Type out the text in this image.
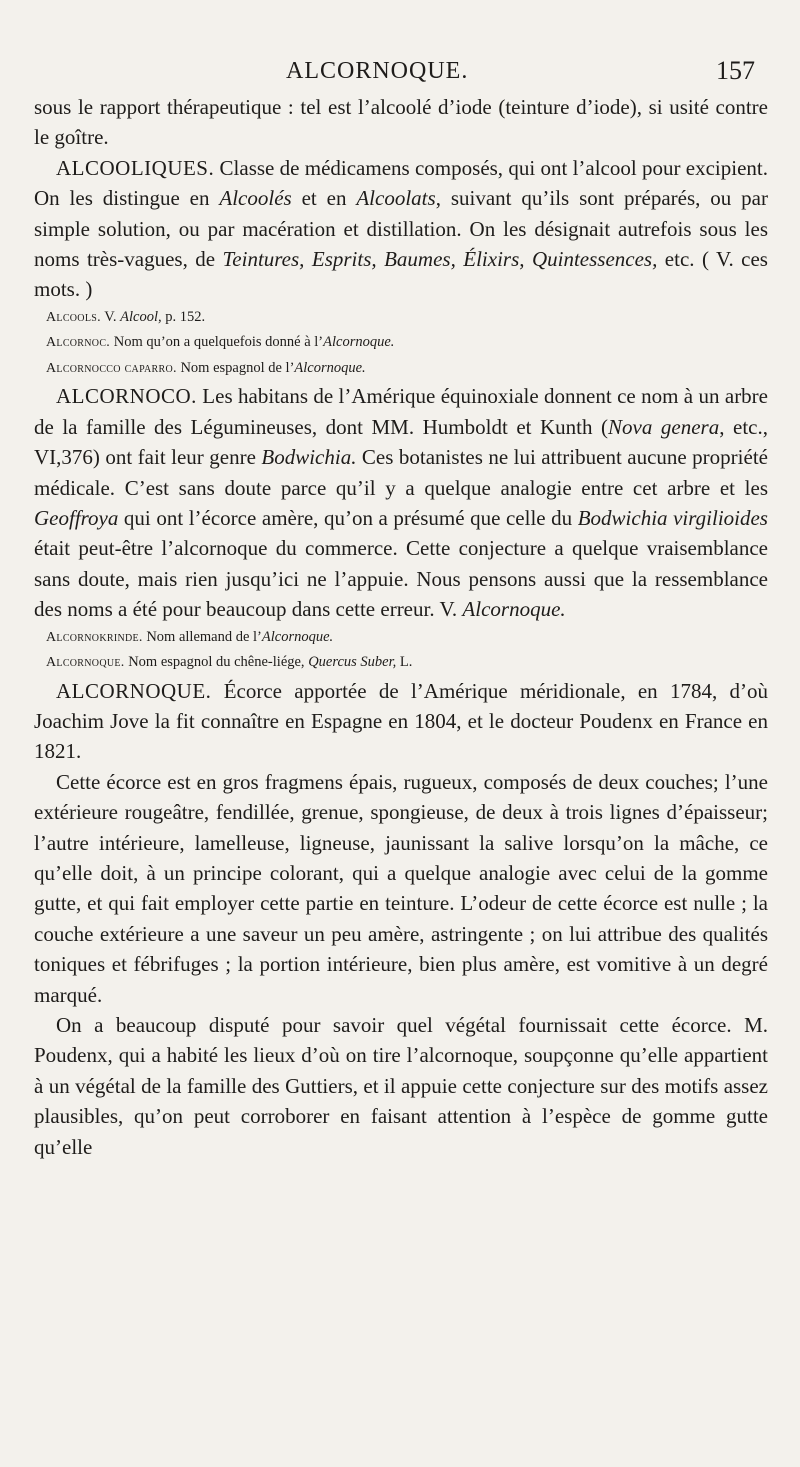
ALCORNOQUE.	157

sous le rapport thérapeutique : tel est l’alcoolé d’iode (teinture d’iode), si usité contre le goître.

ALCOOLIQUES. Classe de médicamens composés, qui ont l’alcool pour excipient. On les distingue en Alcoolés et en Alcoolats, suivant qu’ils sont préparés, ou par simple solution, ou par macération et distillation. On les désignait autrefois sous les noms très-vagues, de Teintures, Esprits, Baumes, Élixirs, Quintessences, etc. ( V. ces mots. )

Alcools. V. Alcool, p. 152.

Alcornoc. Nom qu’on a quelquefois donné à l’Alcornoque.

Alcornocco caparro. Nom espagnol de l’Alcornoque.

ALCORNOCO. Les habitans de l’Amérique équinoxiale donnent ce nom à un arbre de la famille des Légumineuses, dont MM. Humboldt et Kunth (Nova genera, etc., VI,376) ont fait leur genre Bodwichia. Ces botanistes ne lui attribuent aucune propriété médicale. C’est sans doute parce qu’il y a quelque analogie entre cet arbre et les Geoffroya qui ont l’écorce amère, qu’on a présumé que celle du Bodwichia virgilioides était peut-être l’alcornoque du commerce. Cette conjecture a quelque vraisemblance sans doute, mais rien jusqu’ici ne l’appuie. Nous pensons aussi que la ressemblance des noms a été pour beaucoup dans cette erreur. V. Alcornoque.

Alcornokrinde. Nom allemand de l’Alcornoque.

Alcornoque. Nom espagnol du chêne-liége, Quercus Suber, L.

ALCORNOQUE. Écorce apportée de l’Amérique méridionale, en 1784, d’où Joachim Jove la fit connaître en Espagne en 1804, et le docteur Poudenx en France en 1821.

Cette écorce est en gros fragmens épais, rugueux, composés de deux couches; l’une extérieure rougeâtre, fendillée, grenue, spongieuse, de deux à trois lignes d’épaisseur; l’autre intérieure, lamelleuse, ligneuse, jaunissant la salive lorsqu’on la mâche, ce qu’elle doit, à un principe colorant, qui a quelque analogie avec celui de la gomme gutte, et qui fait employer cette partie en teinture. L’odeur de cette écorce est nulle ; la couche extérieure a une saveur un peu amère, astringente ; on lui attribue des qualités toniques et fébrifuges ; la portion intérieure, bien plus amère, est vomitive à un degré marqué.

On a beaucoup disputé pour savoir quel végétal fournissait cette écorce. M. Poudenx, qui a habité les lieux d’où on tire l’alcornoque, soupçonne qu’elle appartient à un végétal de la famille des Guttiers, et il appuie cette conjecture sur des motifs assez plausibles, qu’on peut corroborer en faisant attention à l’espèce de gomme gutte qu’elle
